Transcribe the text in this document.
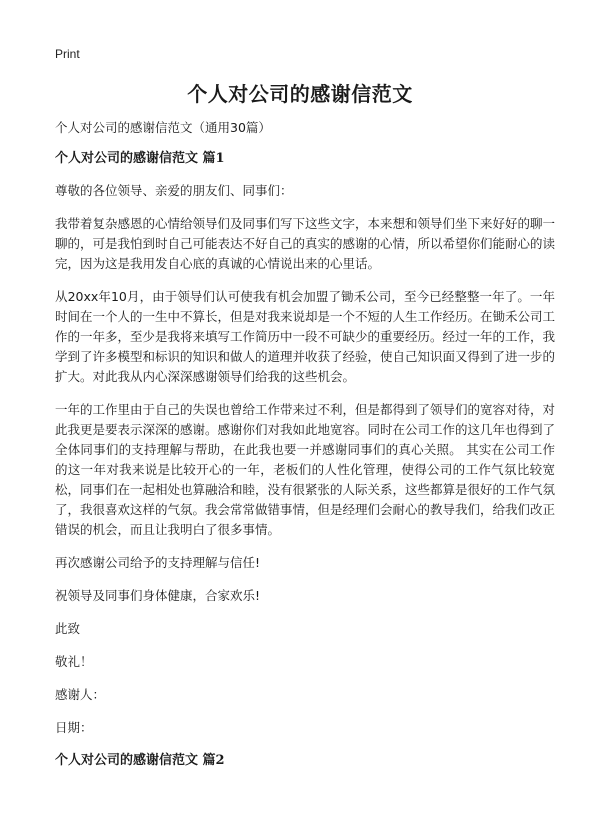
Print
个人对公司的感谢信范文

个人对公司的感谢信范文（通用30篇）

个人对公司的感谢信范文 篇1

尊敬的各位领导、亲爱的朋友们、同事们：

我带着复杂感恩的心情给领导们及同事们写下这些文字，本来想和领导们坐下来好好的聊一聊的，可是我怕到时自己可能表达不好自己的真实的感谢的心情，所以希望你们能耐心的读完，因为这是我用发自心底的真诚的心情说出来的心里话。

从20xx年10月，由于领导们认可使我有机会加盟了锄禾公司，至今已经整整一年了。一年时间在一个人的一生中不算长，但是对我来说却是一个不短的人生工作经历。在锄禾公司工作的一年多，至少是我将来填写工作简历中一段不可缺少的重要经历。经过一年的工作，我学到了许多模型和标识的知识和做人的道理并收获了经验，使自己知识面又得到了进一步的扩大。对此我从内心深深感谢领导们给我的这些机会。

一年的工作里由于自己的失误也曾给工作带来过不利，但是都得到了领导们的宽容对待，对此我更是要表示深深的感谢。感谢你们对我如此地宽容。同时在公司工作的这几年也得到了全体同事们的支持理解与帮助，在此我也要一并感谢同事们的真心关照。 其实在公司工作的这一年对我来说是比较开心的一年，老板们的人性化管理，使得公司的工作气氛比较宽松，同事们在一起相处也算融洽和睦，没有很紧张的人际关系，这些都算是很好的工作气氛了，我很喜欢这样的气氛。我会常常做错事情，但是经理们会耐心的教导我们，给我们改正错误的机会，而且让我明白了很多事情。

再次感谢公司给予的支持理解与信任!

祝领导及同事们身体健康，合家欢乐!

此致

敬礼！

感谢人：

日期：

个人对公司的感谢信范文 篇2
